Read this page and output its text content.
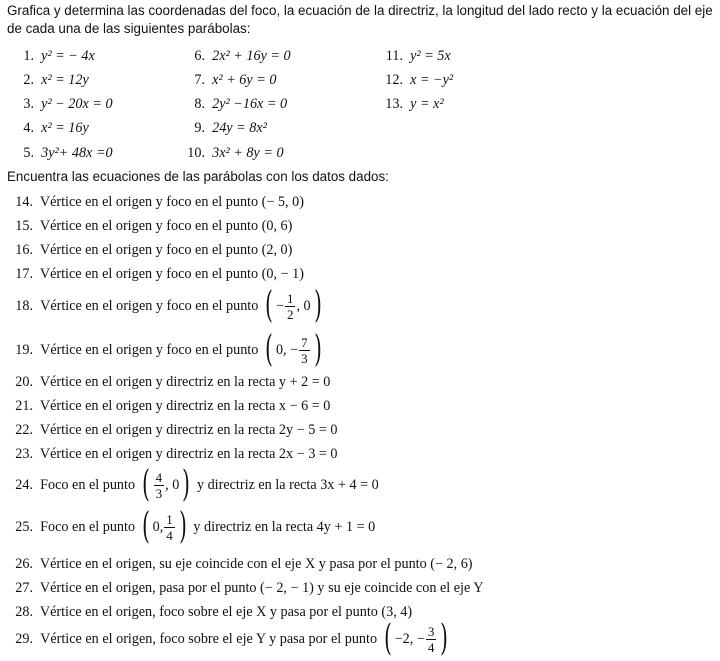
Grafica y determina las coordenadas del foco, la ecuación de la directriz, la longitud del lado recto y la ecuación del eje
de cada una de las siguientes parábolas:
1. y² = − 4x
2. x² = 12y
3. y² − 20x = 0
4. x² = 16y
5. 3y²+ 48x =0
6. 2x² + 16y = 0
7. x² + 6y = 0
8. 2y² −16x = 0
9. 24y = 8x²
10. 3x² + 8y = 0
11. y² = 5x
12. x = −y²
13. y = x²
Encuentra las ecuaciones de las parábolas con los datos dados:
14. Vértice en el origen y foco en el punto (− 5, 0)
15. Vértice en el origen y foco en el punto (0, 6)
16. Vértice en el origen y foco en el punto (2, 0)
17. Vértice en el origen y foco en el punto (0, − 1)
18.
Vértice en el origen y foco en el punto
( − $\frac{1}{2}$ , 0 )
19.
Vértice en el origen y foco en el punto
( 0, − $\frac{7}{3}$ )
20. Vértice en el origen y directriz en la recta y + 2 = 0
21. Vértice en el origen y directriz en la recta x − 6 = 0
22. Vértice en el origen y directriz en la recta 2y − 5 = 0
23. Vértice en el origen y directriz en la recta 2x − 3 = 0
24.
Foco en el punto
( $\frac{4}{3}$ , 0 )
y directriz en la recta 3x + 4 = 0
25.
Foco en el punto
( 0, $\frac{1}{4}$ )
y directriz en la recta 4y + 1 = 0
26. Vértice en el origen, su eje coincide con el eje X y pasa por el punto (− 2, 6)
27. Vértice en el origen, pasa por el punto (− 2, − 1) y su eje coincide con el eje Y
28. Vértice en el origen, foco sobre el eje X y pasa por el punto (3, 4)
29.
Vértice en el origen, foco sobre el eje Y y pasa por el punto
( −2, − $\frac{3}{4}$ )
